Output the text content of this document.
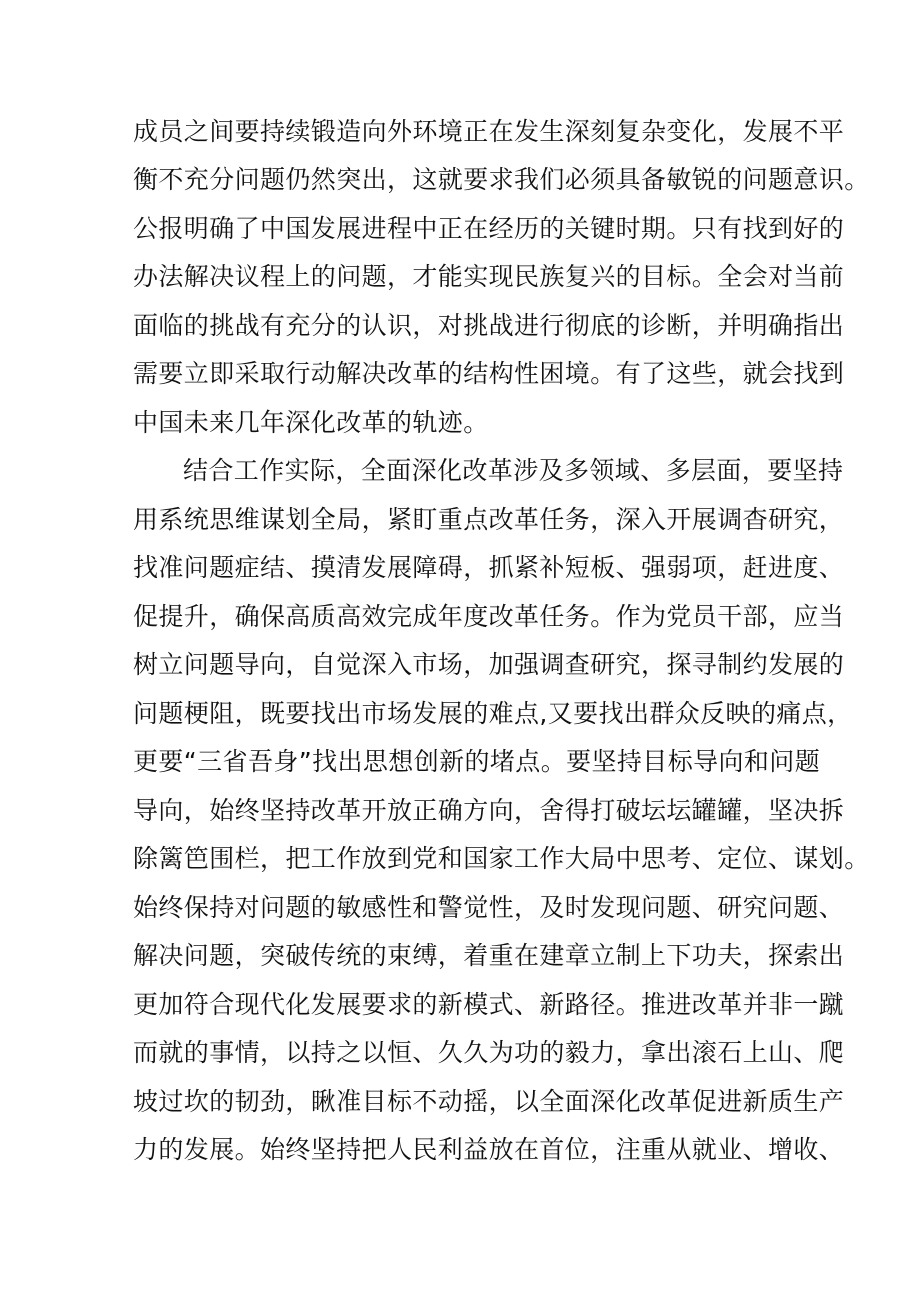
成员之间要持续锻造向外环境正在发生深刻复杂变化，发展不平
衡不充分问题仍然突出，这就要求我们必须具备敏锐的问题意识。
公报明确了中国发展进程中正在经历的关键时期。只有找到好的
办法解决议程上的问题，才能实现民族复兴的目标。全会对当前
面临的挑战有充分的认识，对挑战进行彻底的诊断，并明确指出
需要立即采取行动解决改革的结构性困境。有了这些，就会找到
中国未来几年深化改革的轨迹。
结合工作实际，全面深化改革涉及多领域、多层面，要坚持
用系统思维谋划全局，紧盯重点改革任务，深入开展调杳研究，
找准问题症结、摸清发展障碍，抓紧补短板、强弱项，赶进度、
促提升，确保高质高效完成年度改革任务。作为党员干部，应当
树立问题导向，自觉深入市场，加强调查研究，探寻制约发展的
问题梗阻，既要找出市场发展的难点,又要找出群众反映的痛点，
更要“三省吾身”找出思想创新的堵点。要坚持目标导向和问题
导向，始终坚持改革开放正确方向，舍得打破坛坛罐罐，坚决拆
除篱笆围栏，把工作放到党和国家工作大局中思考、定位、谋划。
始终保持对问题的敏感性和警觉性，及时发现问题、研究问题、
解决问题，突破传统的束缚，着重在建章立制上下功夫，探索出
更加符合现代化发展要求的新模式、新路径。推进改革并非一蹴
而就的事情，以持之以恒、久久为功的毅力，拿出滚石上山、爬
坡过坎的韧劲，瞅准目标不动摇，以全面深化改革促进新质生产
力的发展。始终坚持把人民利益放在首位，注重从就业、增收、
